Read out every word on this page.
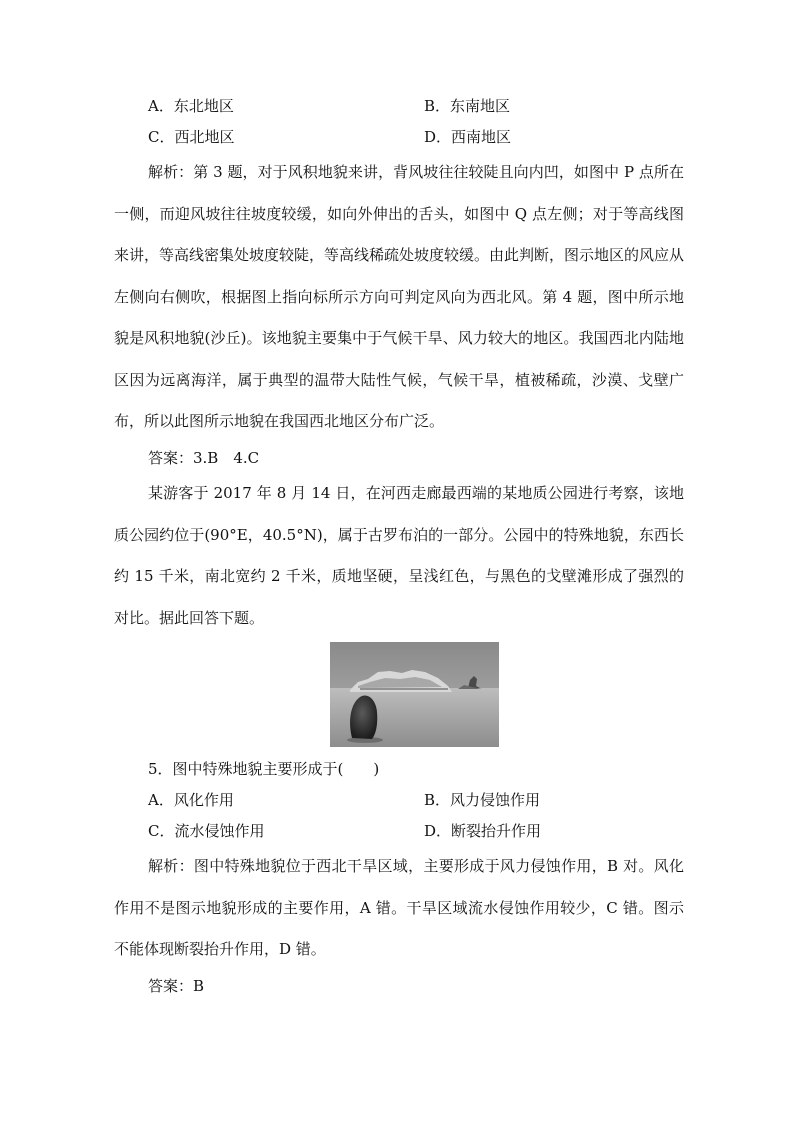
A．东北地区	B．东南地区
C．西北地区	D．西南地区

解析：第 3 题，对于风积地貌来讲，背风坡往往较陡且向内凹，如图中 P 点所在一侧，而迎风坡往往坡度较缓，如向外伸出的舌头，如图中 Q 点左侧；对于等高线图来讲，等高线密集处坡度较陡，等高线稀疏处坡度较缓。由此判断，图示地区的风应从左侧向右侧吹，根据图上指向标所示方向可判定风向为西北风。第 4 题，图中所示地貌是风积地貌(沙丘)。该地貌主要集中于气候干旱、风力较大的地区。我国西北内陆地区因为远离海洋，属于典型的温带大陆性气候，气候干旱，植被稀疏，沙漠、戈壁广布，所以此图所示地貌在我国西北地区分布广泛。

答案：3.B　4.C

某游客于 2017 年 8 月 14 日，在河西走廊最西端的某地质公园进行考察，该地质公园约位于(90°E，40.5°N)，属于古罗布泊的一部分。公园中的特殊地貌，东西长约 15 千米，南北宽约 2 千米，质地坚硬，呈浅红色，与黑色的戈壁滩形成了强烈的对比。据此回答下题。

5．图中特殊地貌主要形成于(　　)
A．风化作用	B．风力侵蚀作用
C．流水侵蚀作用	D．断裂抬升作用

解析：图中特殊地貌位于西北干旱区域，主要形成于风力侵蚀作用，B 对。风化作用不是图示地貌形成的主要作用，A 错。干旱区域流水侵蚀作用较少，C 错。图示不能体现断裂抬升作用，D 错。

答案：B
